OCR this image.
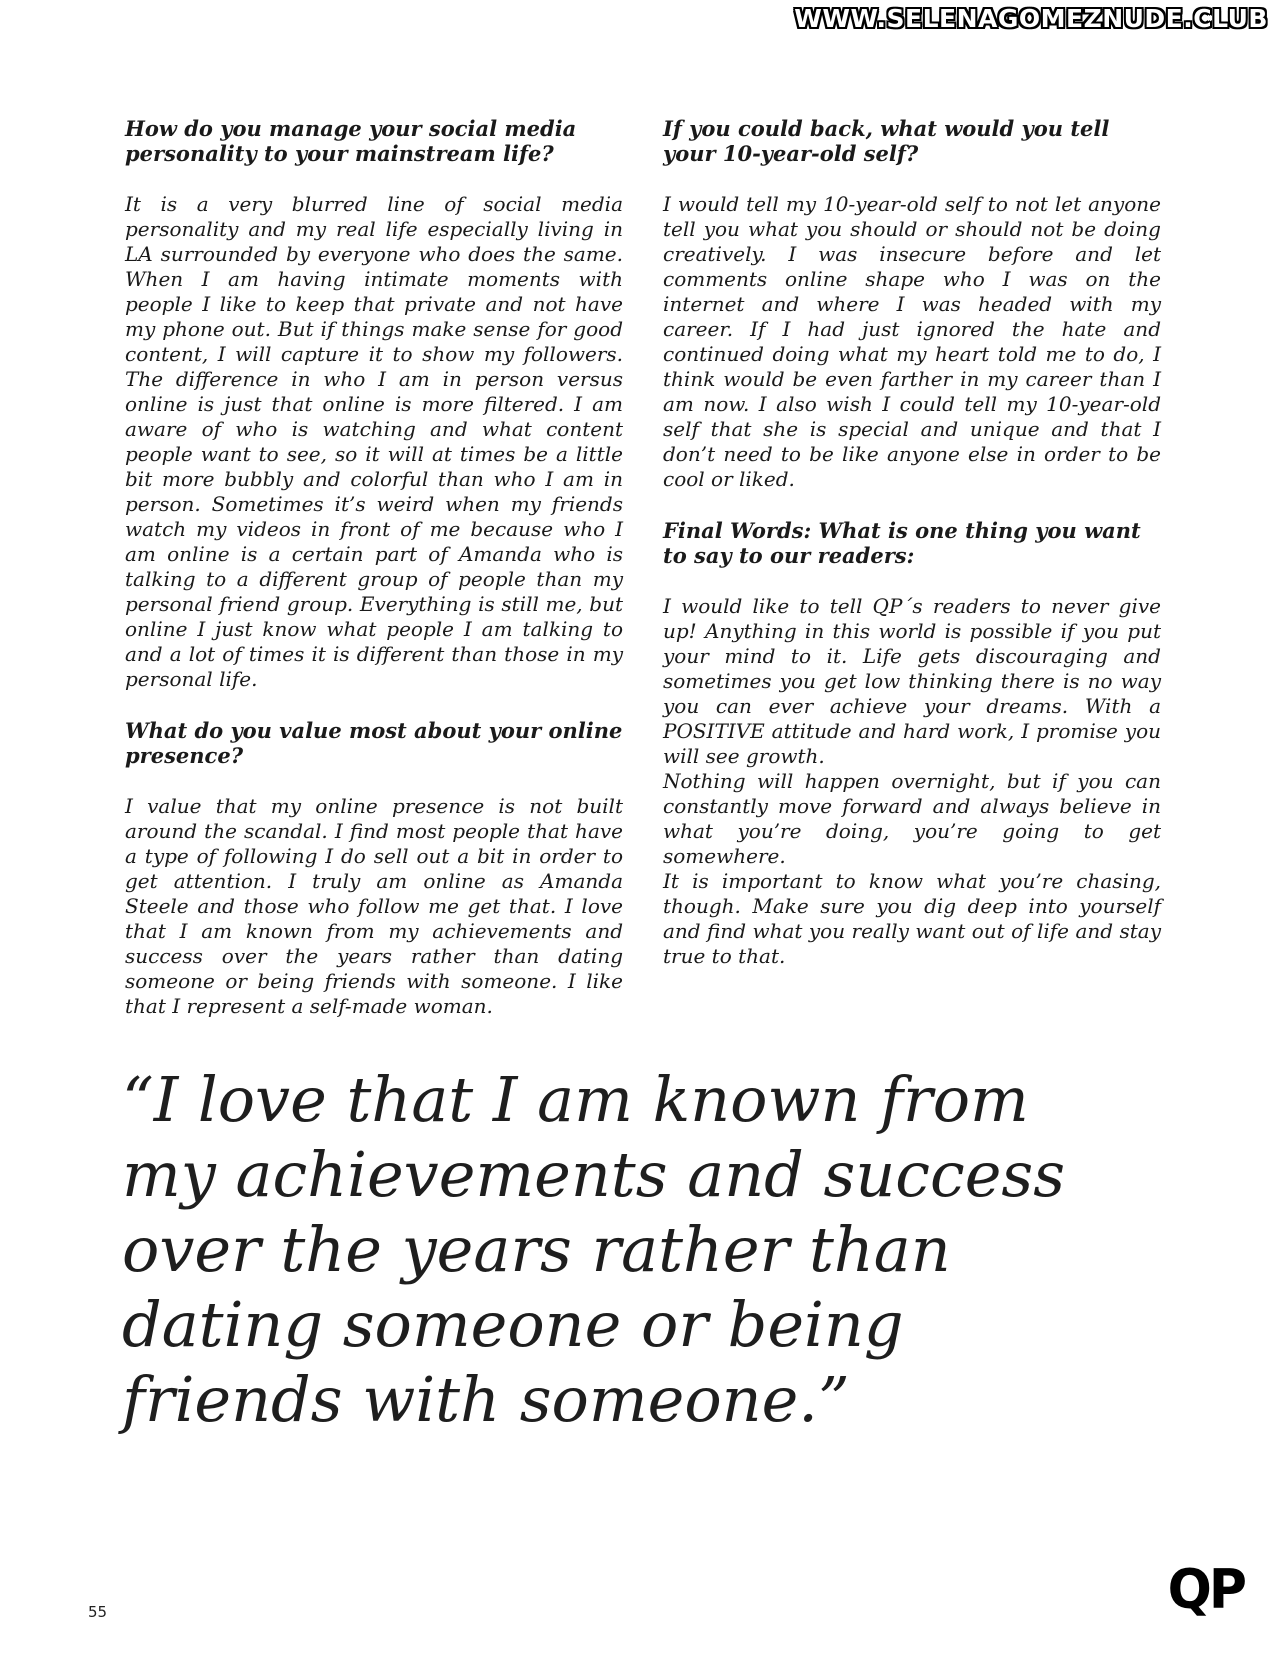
WWW.SELENAGOMEZNUDE.CLUB
How do you manage your social media personality to your mainstream life?
It is a very blurred line of social media personality and my real life especially living in LA surrounded by everyone who does the same. When I am having intimate moments with people I like to keep that private and not have my phone out. But if things make sense for good content, I will capture it to show my followers. The difference in who I am in person versus online is just that online is more filtered. I am aware of who is watching and what content people want to see, so it will at times be a little bit more bubbly and colorful than who I am in person. Sometimes it’s weird when my friends watch my videos in front of me because who I am online is a certain part of Amanda who is talking to a different group of people than my personal friend group. Everything is still me, but online I just know what people I am talking to and a lot of times it is different than those in my personal life.
What do you value most about your online presence?
I value that my online presence is not built around the scandal. I find most people that have a type of following I do sell out a bit in order to get attention. I truly am online as Amanda Steele and those who follow me get that. I love that I am known from my achievements and success over the years rather than dating someone or being friends with someone. I like that I represent a self-made woman.
If you could back, what would you tell your 10-year-old self?
I would tell my 10-year-old self to not let anyone tell you what you should or should not be doing creatively. I was insecure before and let comments online shape who I was on the internet and where I was headed with my career. If I had just ignored the hate and continued doing what my heart told me to do, I think would be even farther in my career than I am now. I also wish I could tell my 10-year-old self that she is special and unique and that I don’t need to be like anyone else in order to be cool or liked.
Final Words: What is one thing you want to say to our readers:

I would like to tell QP´s readers to never give up! Anything in this world is possible if you put your mind to it. Life gets discouraging and sometimes you get low thinking there is no way you can ever achieve your dreams. With a POSITIVE attitude and hard work, I promise you will see growth.

Nothing will happen overnight, but if you can constantly move forward and always believe in what you’re doing, you’re going to get somewhere.

It is important to know what you’re chasing, though. Make sure you dig deep into yourself and find what you really want out of life and stay true to that.

“I love that I am known from my achievements and success over the years rather than dating someone or being friends with someone.”

55	QP
